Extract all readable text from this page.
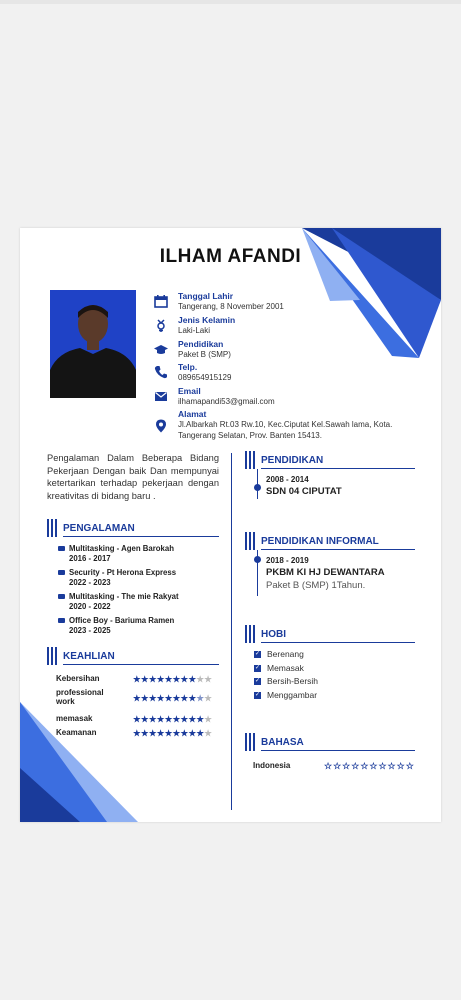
ILHAM AFANDI
Tanggal Lahir
Tangerang, 8 November 2001
Jenis Kelamin
Laki-Laki
Pendidikan
Paket B (SMP)
Telp.
089654915129
Email
ilhamapandi53@gmail.com
Alamat
Jl.Albarkah Rt.03 Rw.10, Kec.Ciputat Kel.Sawah lama, Kota.
Tangerang Selatan, Prov. Banten 15413.
Pengalaman Dalam Beberapa Bidang Pekerjaan Dengan baik Dan mempunyai ketertarikan terhadap pekerjaan dengan kreativitas di bidang baru .
PENGALAMAN
Multitasking - Agen Barokah
2016 - 2017
Security - Pt Herona Express
2022 - 2023
Multitasking - The mie Rakyat
2020 - 2022
Office Boy - Bariuma Ramen
2023 - 2025
KEAHLIAN
Kebersihan	★★★★★★★★★★
professional work	★★★★★★★★★★
memasak	★★★★★★★★★★
Keamanan	★★★★★★★★★★
PENDIDIKAN
2008 - 2014
SDN 04 CIPUTAT
PENDIDIKAN INFORMAL
2018 - 2019
PKBM KI HJ DEWANTARA
Paket B (SMP) 1Tahun.
HOBI
✓ Berenang
✓ Memasak
✓ Bersih-Bersih
✓ Menggambar
BAHASA
Indonesia	☆☆☆☆☆☆☆☆☆☆
